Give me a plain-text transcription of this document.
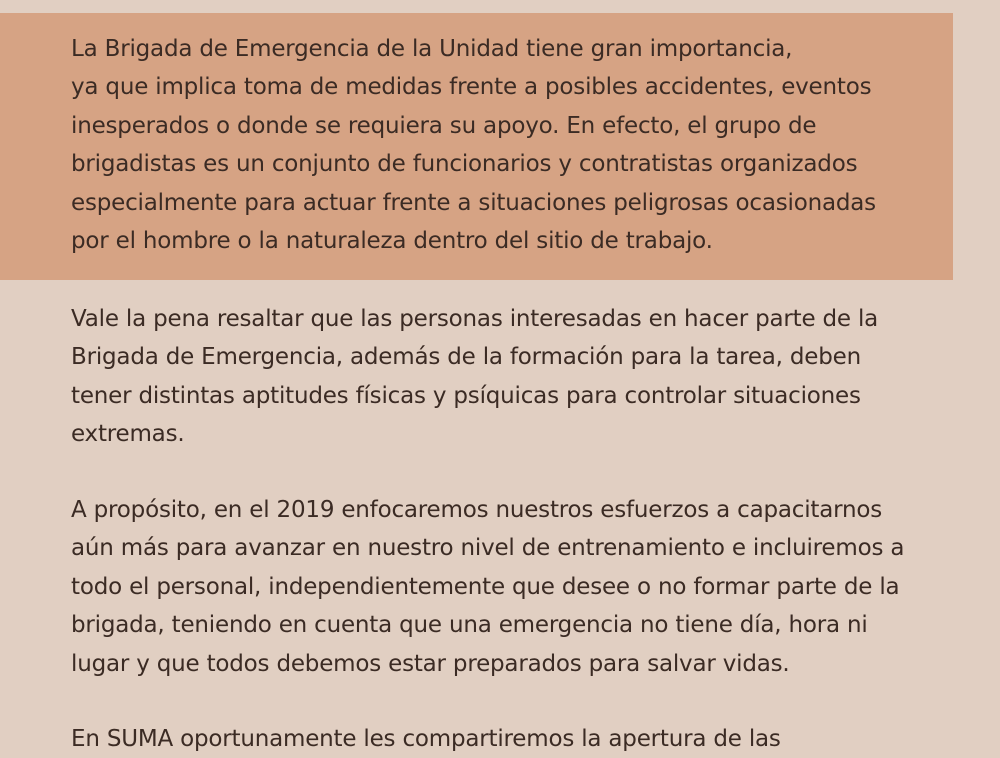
La Brigada de Emergencia de la Unidad tiene gran importancia,
ya que implica toma de medidas frente a posibles accidentes, eventos
inesperados o donde se requiera su apoyo. En efecto, el grupo de
brigadistas es un conjunto de funcionarios y contratistas organizados
especialmente para actuar frente a situaciones peligrosas ocasionadas
por el hombre o la naturaleza dentro del sitio de trabajo.

Vale la pena resaltar que las personas interesadas en hacer parte de la
Brigada de Emergencia, además de la formación para la tarea, deben
tener distintas aptitudes físicas y psíquicas para controlar situaciones
extremas.

A propósito, en el 2019 enfocaremos nuestros esfuerzos a capacitarnos
aún más para avanzar en nuestro nivel de entrenamiento e incluiremos a
todo el personal, independientemente que desee o no formar parte de la
brigada, teniendo en cuenta que una emergencia no tiene día, hora ni
lugar y que todos debemos estar preparados para salvar vidas.

En SUMA oportunamente les compartiremos la apertura de las
